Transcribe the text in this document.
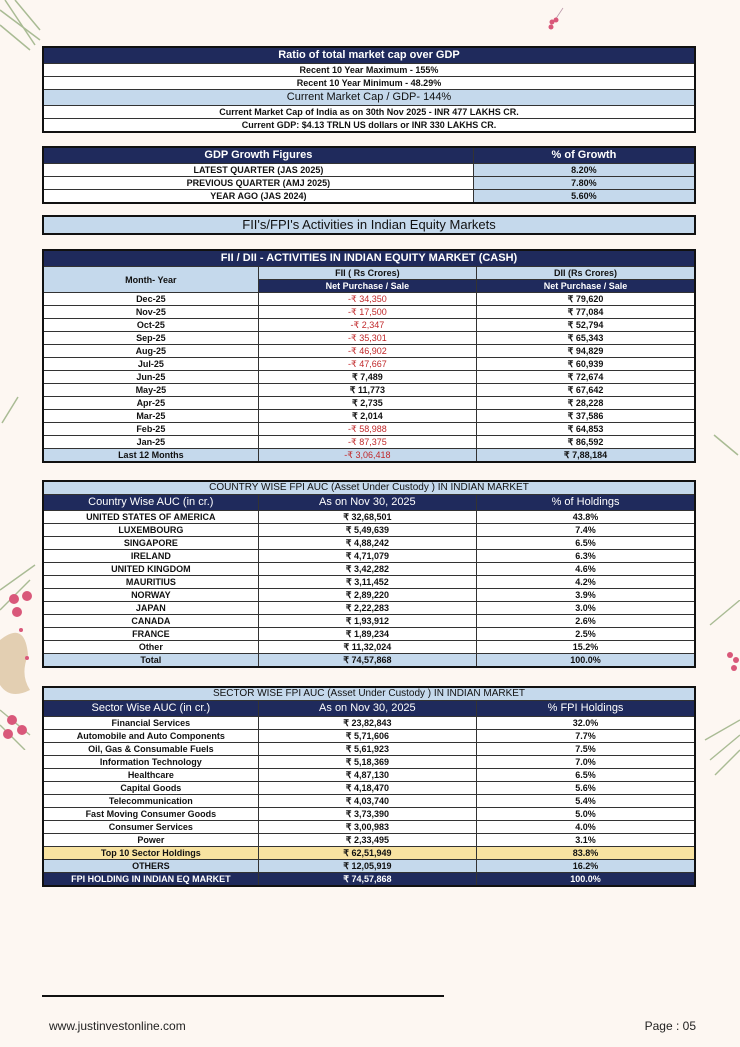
Ratio of total market cap over GDP
Recent 10 Year Maximum - 155%
Recent 10 Year Minimum - 48.29%
Current Market Cap / GDP- 144%
Current Market Cap of India as on 30th Nov 2025 - INR 477 LAKHS CR.
Current GDP: $4.13 TRLN US dollars or INR 330 LAKHS CR.
GDP Growth Figures	% of Growth
LATEST QUARTER (JAS 2025)	8.20%
PREVIOUS QUARTER (AMJ 2025)	7.80%
YEAR AGO (JAS 2024)	5.60%
FII's/FPI's Activities in Indian Equity Markets
FII / DII - ACTIVITIES IN INDIAN EQUITY MARKET (CASH)		
Month- Year	FII ( Rs Crores)	DII (Rs Crores)
	Net Purchase / Sale	Net Purchase / Sale
Dec-25	-₹ 34,350	₹ 79,620
Nov-25	-₹ 17,500	₹ 77,084
Oct-25	-₹ 2,347	₹ 52,794
Sep-25	-₹ 35,301	₹ 65,343
Aug-25	-₹ 46,902	₹ 94,829
Jul-25	-₹ 47,667	₹ 60,939
Jun-25	₹ 7,489	₹ 72,674
May-25	₹ 11,773	₹ 67,642
Apr-25	₹ 2,735	₹ 28,228
Mar-25	₹ 2,014	₹ 37,586
Feb-25	-₹ 58,988	₹ 64,853
Jan-25	-₹ 87,375	₹ 86,592
Last 12 Months	-₹ 3,06,418	₹ 7,88,184
COUNTRY WISE FPI AUC (Asset Under Custody ) IN INDIAN MARKET		
Country Wise AUC (in cr.)	As on Nov 30, 2025	% of Holdings
UNITED STATES OF AMERICA	₹ 32,68,501	43.8%
LUXEMBOURG	₹ 5,49,639	7.4%
SINGAPORE	₹ 4,88,242	6.5%
IRELAND	₹ 4,71,079	6.3%
UNITED KINGDOM	₹ 3,42,282	4.6%
MAURITIUS	₹ 3,11,452	4.2%
NORWAY	₹ 2,89,220	3.9%
JAPAN	₹ 2,22,283	3.0%
CANADA	₹ 1,93,912	2.6%
FRANCE	₹ 1,89,234	2.5%
Other	₹ 11,32,024	15.2%
Total	₹ 74,57,868	100.0%
SECTOR WISE FPI AUC (Asset Under Custody ) IN INDIAN MARKET		
Sector Wise AUC (in cr.)	As on Nov 30, 2025	% FPI Holdings
Financial Services	₹ 23,82,843	32.0%
Automobile and Auto Components	₹ 5,71,606	7.7%
Oil, Gas & Consumable Fuels	₹ 5,61,923	7.5%
Information Technology	₹ 5,18,369	7.0%
Healthcare	₹ 4,87,130	6.5%
Capital Goods	₹ 4,18,470	5.6%
Telecommunication	₹ 4,03,740	5.4%
Fast Moving Consumer Goods	₹ 3,73,390	5.0%
Consumer Services	₹ 3,00,983	4.0%
Power	₹ 2,33,495	3.1%
Top 10 Sector Holdings	₹ 62,51,949	83.8%
OTHERS	₹ 12,05,919	16.2%
FPI HOLDING IN INDIAN EQ MARKET	₹ 74,57,868	100.0%
www.justinvestonline.com	Page : 05
